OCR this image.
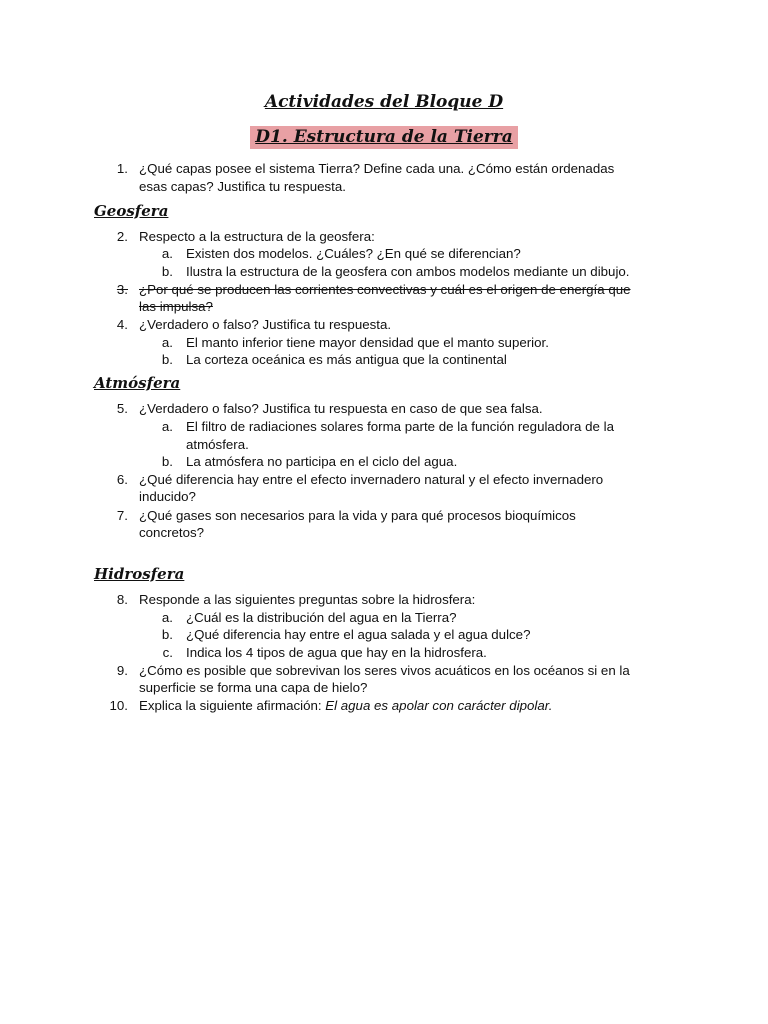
Actividades del Bloque D
D1. Estructura de la Tierra
1. ¿Qué capas posee el sistema Tierra? Define cada una. ¿Cómo están ordenadas
esas capas? Justifica tu respuesta.
Geosfera
2. Respecto a la estructura de la geosfera:
a. Existen dos modelos. ¿Cuáles? ¿En qué se diferencian?
b. Ilustra la estructura de la geosfera con ambos modelos mediante un dibujo.
3. ¿Por qué se producen las corrientes convectivas y cuál es el origen de energía que
las impulsa?
4. ¿Verdadero o falso? Justifica tu respuesta.
a. El manto inferior tiene mayor densidad que el manto superior.
b. La corteza oceánica es más antigua que la continental
Atmósfera
5. ¿Verdadero o falso? Justifica tu respuesta en caso de que sea falsa.
a. El filtro de radiaciones solares forma parte de la función reguladora de la
atmósfera.
b. La atmósfera no participa en el ciclo del agua.
6. ¿Qué diferencia hay entre el efecto invernadero natural y el efecto invernadero
inducido?
7. ¿Qué gases son necesarios para la vida y para qué procesos bioquímicos
concretos?
Hidrosfera
8. Responde a las siguientes preguntas sobre la hidrosfera:
a. ¿Cuál es la distribución del agua en la Tierra?
b. ¿Qué diferencia hay entre el agua salada y el agua dulce?
c. Indica los 4 tipos de agua que hay en la hidrosfera.
9. ¿Cómo es posible que sobrevivan los seres vivos acuáticos en los océanos si en la
superficie se forma una capa de hielo?
10. Explica la siguiente afirmación: El agua es apolar con carácter dipolar.
